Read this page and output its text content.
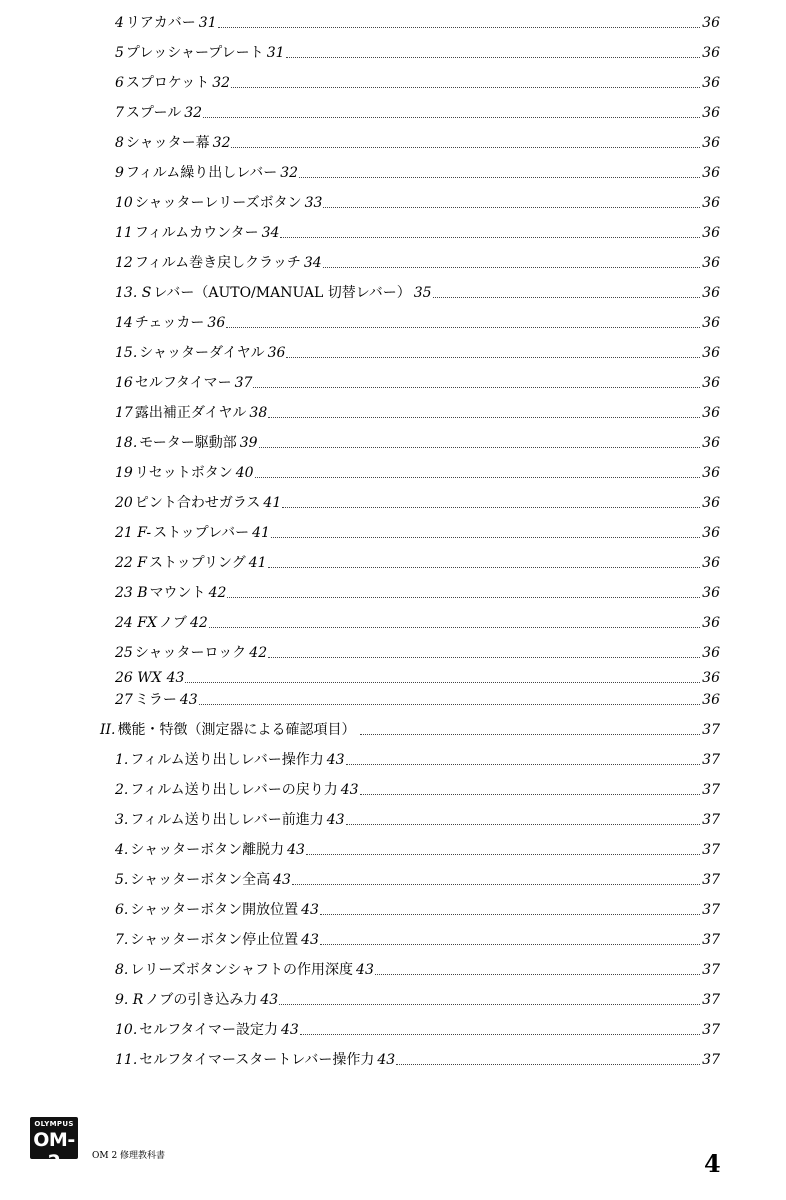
4 リアカバー 31	36
5 プレッシャープレート 31	36
6 スプロケット 32	36
7 スプール 32	36
8 シャッター幕 32	36
9 フィルム繰り出しレバー 32	36
10 シャッターレリーズボタン 33	36
11 フィルムカウンター 34	36
12 フィルム巻き戻しクラッチ 34	36
13. S レバー（AUTO/MANUAL 切替レバー） 35	36
14 チェッカー 36	36
15. シャッターダイヤル 36	36
16 セルフタイマー 37	36
17 露出補正ダイヤル 38	36
18. モーター駆動部 39	36
19 リセットボタン 40	36
20 ピント合わせガラス 41	36
21 F- ストップレバー 41	36
22 F ストップリング 41	36
23 B マウント 42	36
24 FX ノブ 42	36
25 シャッターロック 42	36
26 WX 43	36
27 ミラー 43	36
II. 機能・特徴（測定器による確認項目）	37
1. フィルム送り出しレバー操作力 43	37
2. フィルム送り出しレバーの戻り力 43	37
3. フィルム送り出しレバー前進力 43	37
4. シャッターボタン離脱力 43	37
5. シャッターボタン全高 43	37
6. シャッターボタン開放位置 43	37
7. シャッターボタン停止位置 43	37
8. レリーズボタンシャフトの作用深度 43	37
9. R ノブの引き込み力 43	37
10. セルフタイマー設定力 43	37
11. セルフタイマースタートレバー操作力 43	37
OLYMPUS
OM-2	OM 2 修理教科書	4
